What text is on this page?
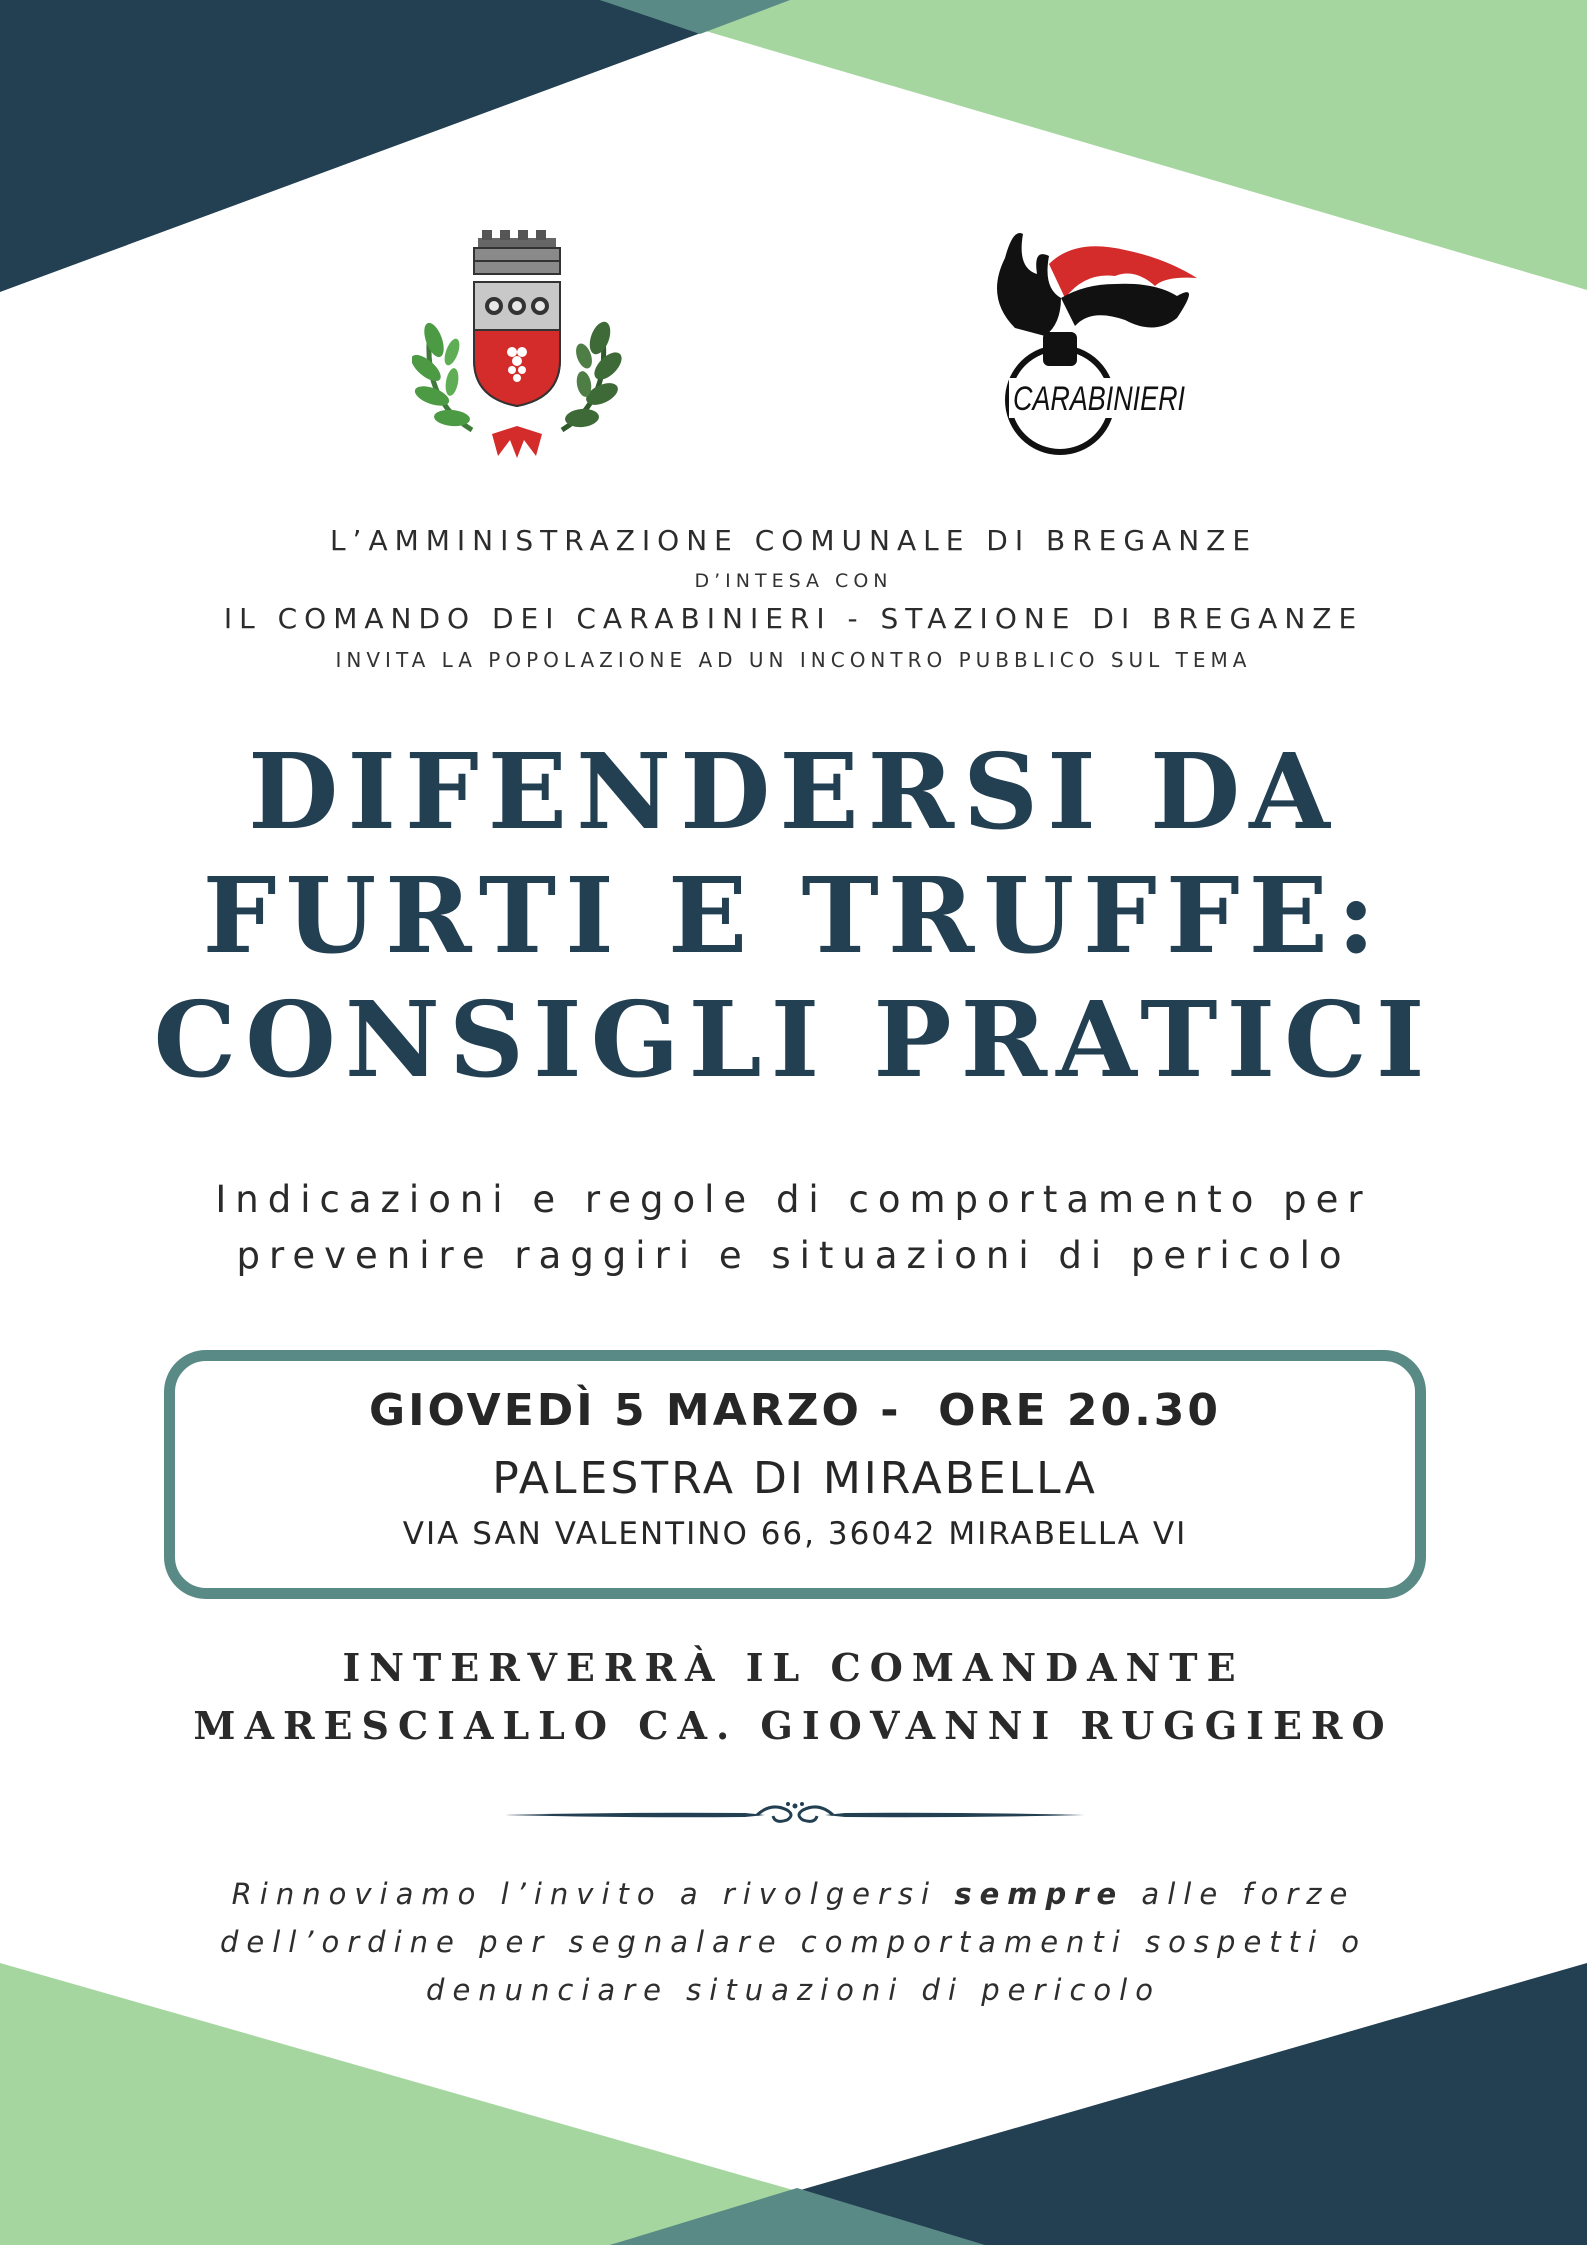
CARABINIERI
L’AMMINISTRAZIONE COMUNALE DI BREGANZE
D’INTESA CON
IL COMANDO DEI CARABINIERI - STAZIONE DI BREGANZE
INVITA LA POPOLAZIONE AD UN INCONTRO PUBBLICO SUL TEMA
DIFENDERSI DA
FURTI E TRUFFE:
CONSIGLI PRATICI
Indicazioni e regole di comportamento per
prevenire raggiri e situazioni di pericolo
GIOVEDÌ 5 MARZO -  ORE 20.30
PALESTRA DI MIRABELLA
VIA SAN VALENTINO 66, 36042 MIRABELLA VI
INTERVERRÀ IL COMANDANTE
MARESCIALLO CA. GIOVANNI RUGGIERO
Rinnoviamo l’invito a rivolgersi sempre alle forze
dell’ordine per segnalare comportamenti sospetti o
denunciare situazioni di pericolo
